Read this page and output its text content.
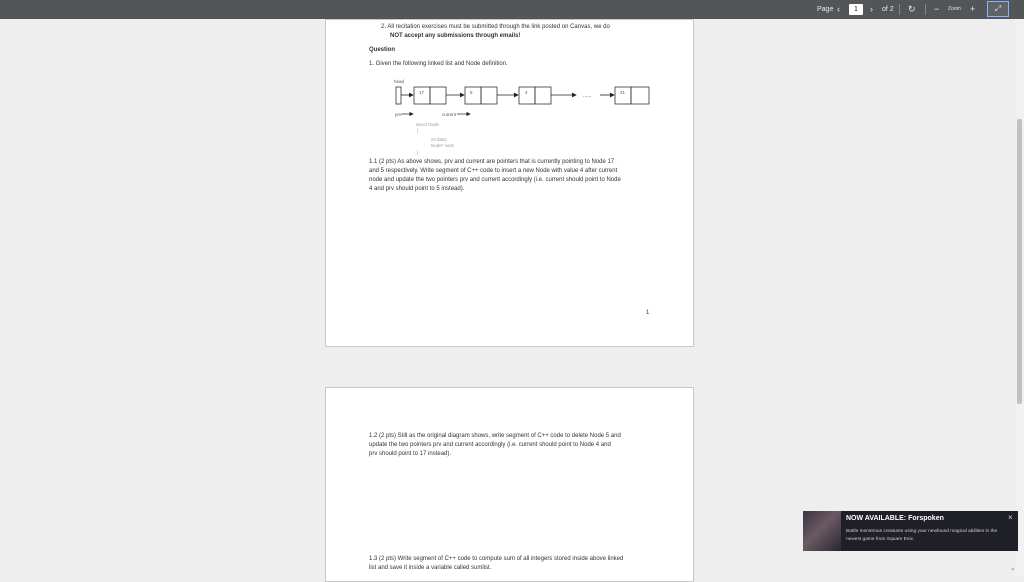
Page ‹	1	› of 2 ↻ − Zoom +	⤢
2. All recitation exercises must be submitted through the link posted on Canvas, we do
NOT accept any submissions through emails!
Question
1. Given the following linked list and Node definition.
head
17	5	4
......
21
prv	current
struct Node
{
int data;
Node* next;
}
1.1 (2 pts) As above shows, prv and current are pointers that is currently pointing to Node 17
and 5 respectively. Write segment of C++ code to insert a new Node with value 4 after current
node and update the two pointers prv and current accordingly (i.e. current should point to Node
4 and prv should point to 5 instead).
1
1.2 (2 pts) Still as the original diagram shows, write segment of C++ code to delete Node 5 and
update the two pointers prv and current accordingly (i.e. current should point to Node 4 and
prv should point to 17 instead).
1.3 (2 pts) Write segment of C++ code to compute sum of all integers stored inside above linked
list and save it inside a variable called sumlist.
NOW AVAILABLE: Forspoken
Battle monstrous creatures using your newfound magical abilities in the newest game from Square Enix.
×
⌄
